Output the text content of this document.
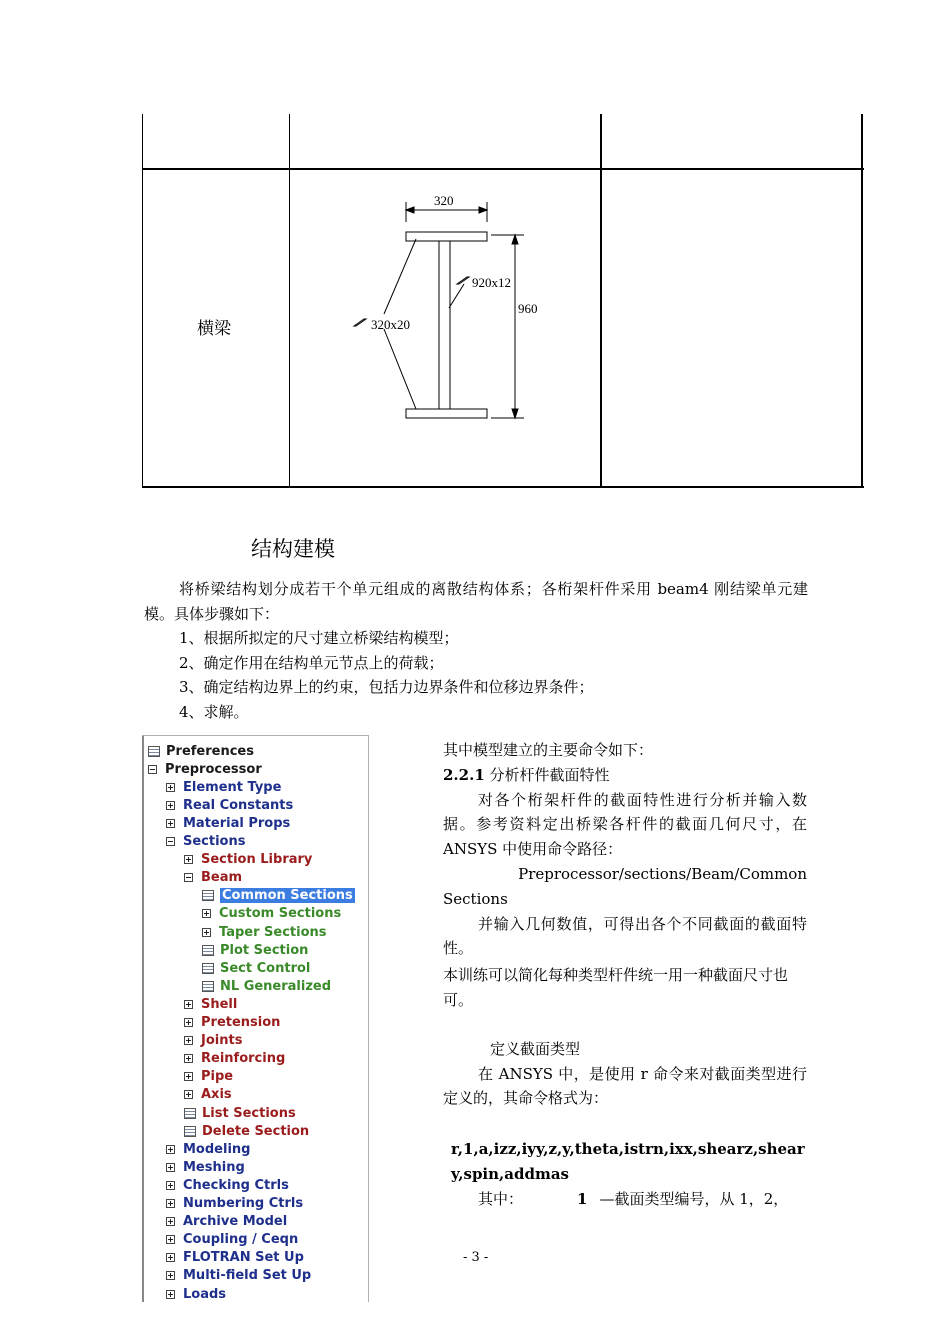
横梁
320
960
920x12
320x20
结构建模

将桥梁结构划分成若干个单元组成的离散结构体系；各桁架杆件采用 beam4 刚结梁单元建模。具体步骤如下：

1、根据所拟定的尺寸建立桥梁结构模型；

2、确定作用在结构单元节点上的荷载；

3、确定结构边界上的约束，包括力边界条件和位移边界条件；

4、求解。

Preferences
Preprocessor
Element Type
Real Constants
Material Props
Sections
Section Library
Beam
Common Sections
Custom Sections
Taper Sections
Plot Section
Sect Control
NL Generalized
Shell
Pretension
Joints
Reinforcing
Pipe
Axis
List Sections
Delete Section
Modeling
Meshing
Checking Ctrls
Numbering Ctrls
Archive Model
Coupling / Ceqn
FLOTRAN Set Up
Multi-field Set Up
Loads

其中模型建立的主要命令如下：

2.2.1 分析杆件截面特性

对各个桁架杆件的截面特性进行分析并输入数据。参考资料定出桥梁各杆件的截面几何尺寸，在 ANSYS 中使用命令路径：

Preprocessor/sections/Beam/Common

Sections

并输入几何数值，可得出各个不同截面的截面特性。

本训练可以简化每种类型杆件统一用一种截面尺寸也可。

定义截面类型

在 ANSYS 中，是使用 r 命令来对截面类型进行定义的，其命令格式为：

r,1,a,izz,iyy,z,y,theta,istrn,ixx,shearz,sheary,spin,addmas

其中：	1 —截面类型编号，从 1，2，

- 3 -
